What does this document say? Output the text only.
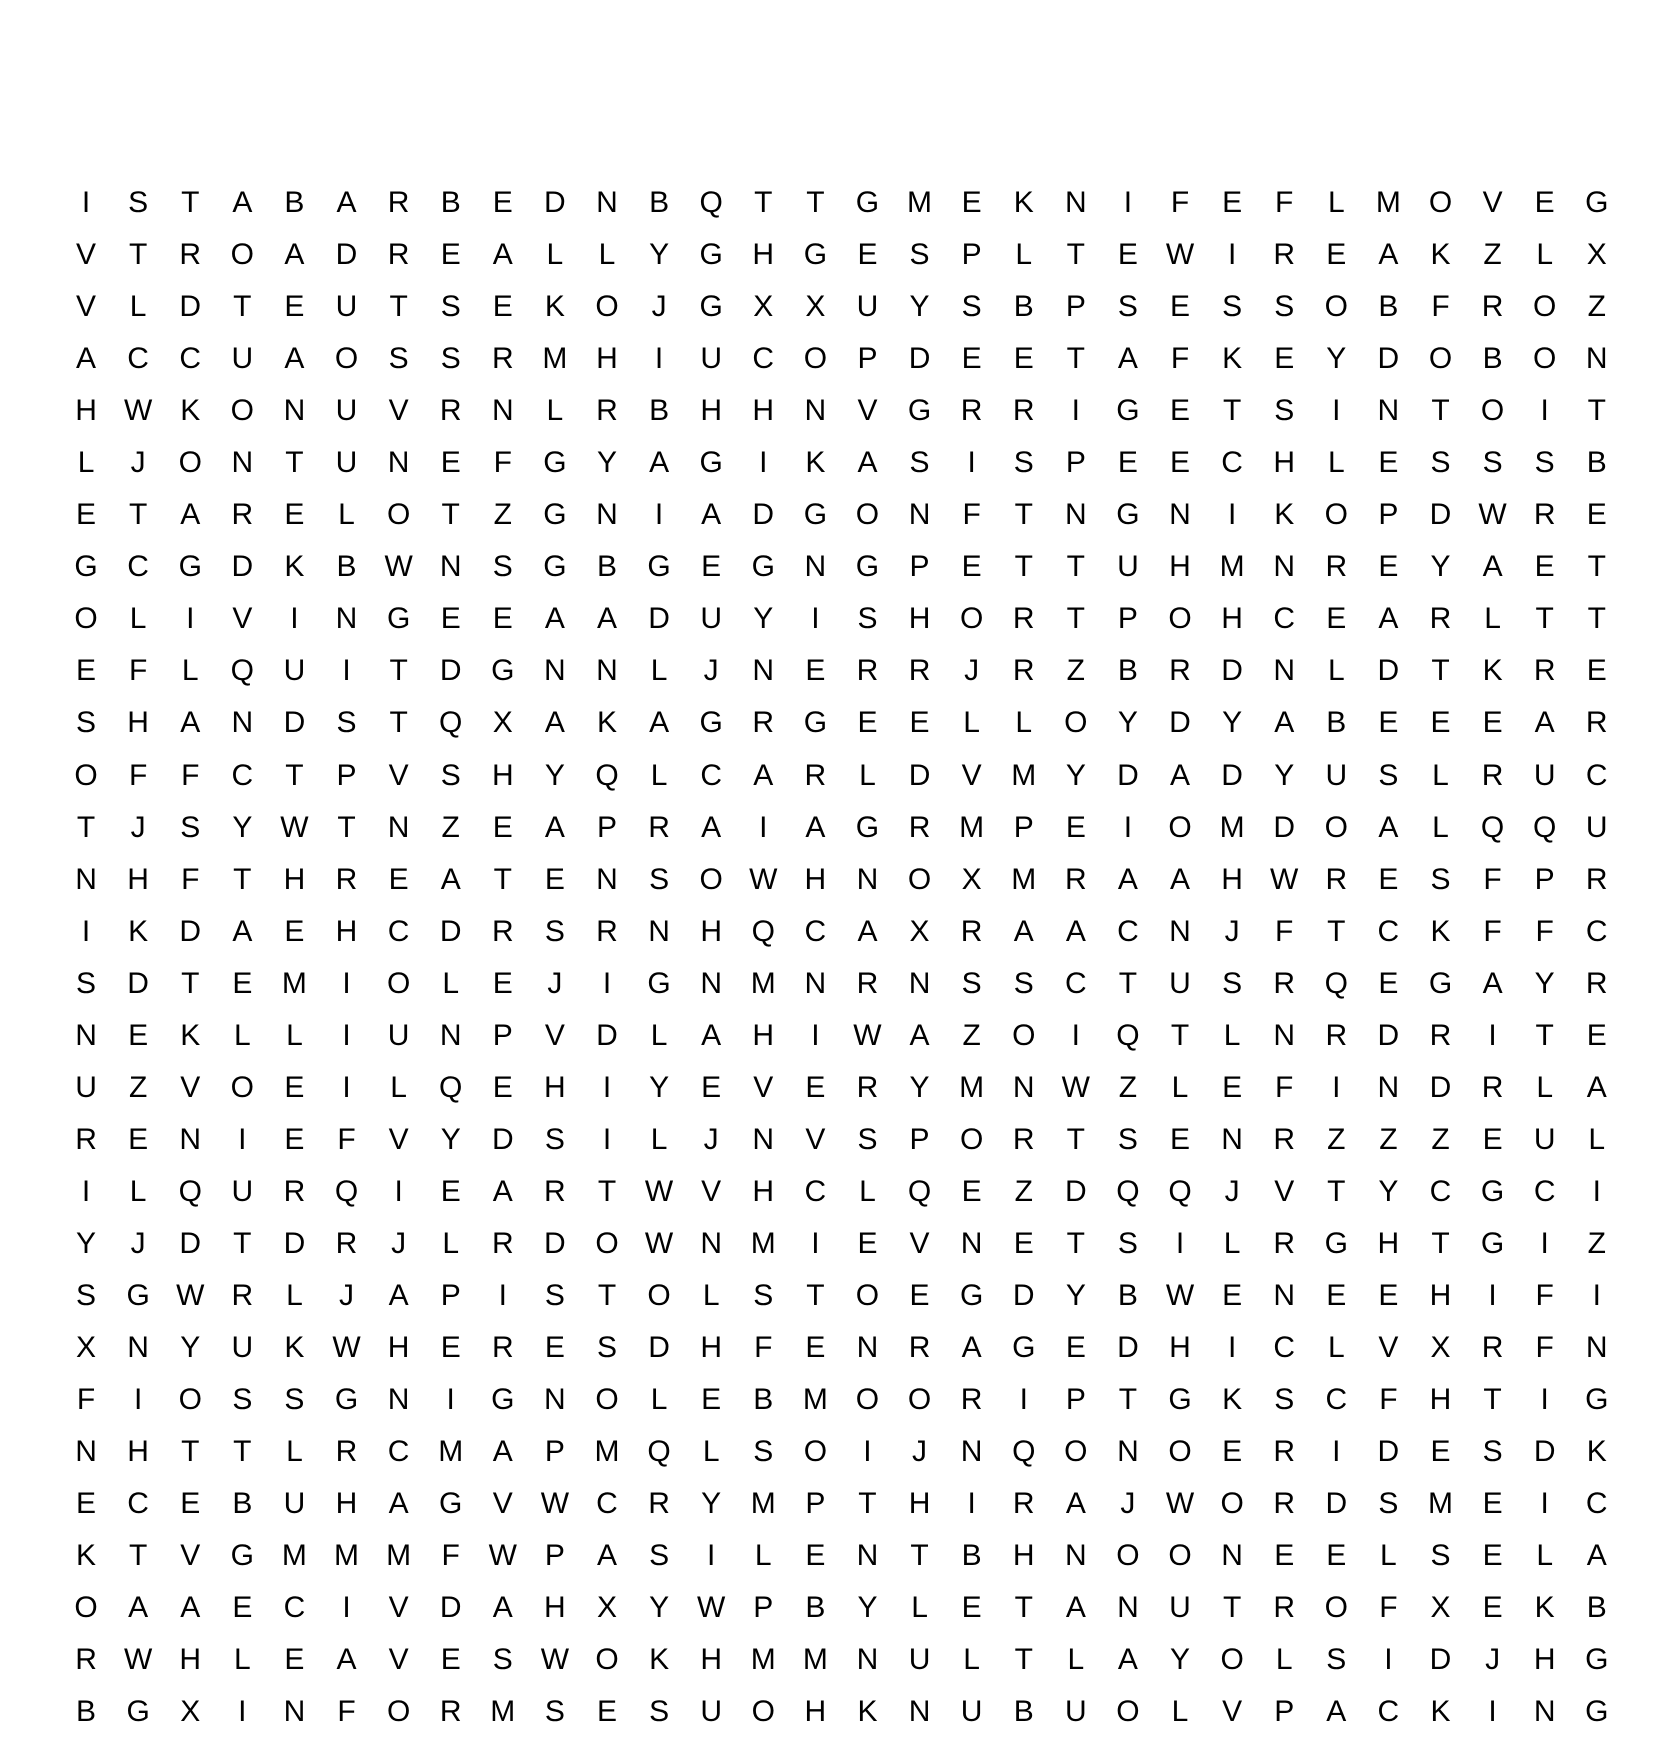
I	S	T	A	B	A	R	B	E	D	N	B	Q	T	T	G M E	K	N	I	F	E	F	L	M O	V	E	G
V	T	R O	A	D	R	E	A	L	L	Y	G H G	E	S	P	L	T	E W	I	R	E	A	K	Z	L	X
V	L	D	T	E	U	T	S	E	K	O	J	G	X	X	U	Y	S	B	P	S	E	S	S	O	B	F	R O	Z
A	C	C	U	A	O	S	S	R M H	I	U	C O	P	D	E	E	T	A	F	K	E	Y	D O	B	O N
H W K	O N	U	V	R	N	L	R	B	H	H	N	V	G R	R	I	G	E	T	S	I	N	T	O	I	T
L	J	O N	T	U	N	E	F	G	Y	A	G	I	K	A	S	I	S	P	E	E	C	H	L	E	S	S	S	B
E	T	A	R	E	L	O	T	Z	G N	I	A	D G O N	F	T	N G N	I	K	O	P	D W R	E
G C G D	K	B W N	S	G	B	G	E	G N G	P	E	T	T	U	H M N	R	E	Y	A	E	T
O	L	I	V	I	N G	E	E	A	A	D	U	Y	I	S	H O R	T	P	O H	C	E	A	R	L	T	T
E	F	L	Q U	I	T	D G N	N	L	J	N	E	R	R	J	R	Z	B	R	D	N	L	D	T	K	R	E
S	H	A	N	D	S	T	Q	X	A	K	A	G R G	E	E	L	L	O	Y	D	Y	A	B	E	E	E	A	R
O	F	F	C	T	P	V	S	H	Y	Q	L	C	A	R	L	D	V M Y	D	A	D	Y	U	S	L	R	U	C
T	J	S	Y W T	N	Z	E	A	P	R	A	I	A	G R M P	E	I	O M D O	A	L	Q Q U
N	H	F	T	H	R	E	A	T	E	N	S	O W H	N O	X M R	A	A	H W R	E	S	F	P	R
I	K	D	A	E	H	C	D	R	S	R	N	H Q C	A	X	R	A	A	C	N	J	F	T	C	K	F	F	C
S	D	T	E M	I	O	L	E	J	I	G N M N	R	N	S	S	C	T	U	S	R Q	E	G	A	Y	R
N	E	K	L	L	I	U	N	P	V	D	L	A	H	I	W A	Z	O	I	Q	T	L	N	R	D	R	I	T	E
U	Z	V	O	E	I	L	Q	E	H	I	Y	E	V	E	R	Y M N W Z	L	E	F	I	N	D	R	L	A
R	E	N	I	E	F	V	Y	D	S	I	L	J	N	V	S	P	O R	T	S	E	N	R	Z	Z	Z	E	U	L
I	L	Q U	R Q	I	E	A	R	T W V	H	C	L	Q	E	Z	D Q Q	J	V	T	Y	C G C	I
Y	J	D	T	D	R	J	L	R	D O W N M	I	E	V	N	E	T	S	I	L	R G H	T	G	I	Z
S	G W R	L	J	A	P	I	S	T	O	L	S	T	O	E	G D	Y	B W E	N	E	E	H	I	F	I
X	N	Y	U	K W H	E	R	E	S	D	H	F	E	N	R	A	G	E	D	H	I	C	L	V	X	R	F	N
F	I	O	S	S	G N	I	G N O	L	E	B M O O R	I	P	T	G	K	S	C	F	H	T	I	G
N	H	T	T	L	R	C M A	P M Q	L	S	O	I	J	N Q O N O	E	R	I	D	E	S	D	K
E	C	E	B	U	H	A	G	V W C	R	Y M P	T	H	I	R	A	J	W O R	D	S M E	I	C
K	T	V	G M M M	F W P	A	S	I	L	E	N	T	B	H	N O O N	E	E	L	S	E	L	A
O	A	A	E	C	I	V	D	A	H	X	Y W P	B	Y	L	E	T	A	N	U	T	R O	F	X	E	K	B
R W H	L	E	A	V	E	S W O	K	H M M N	U	L	T	L	A	Y	O	L	S	I	D	J	H G
B	G	X	I	N	F	O R M S	E	S	U O H	K	N	U	B	U O	L	V	P	A	C	K	I	N G
